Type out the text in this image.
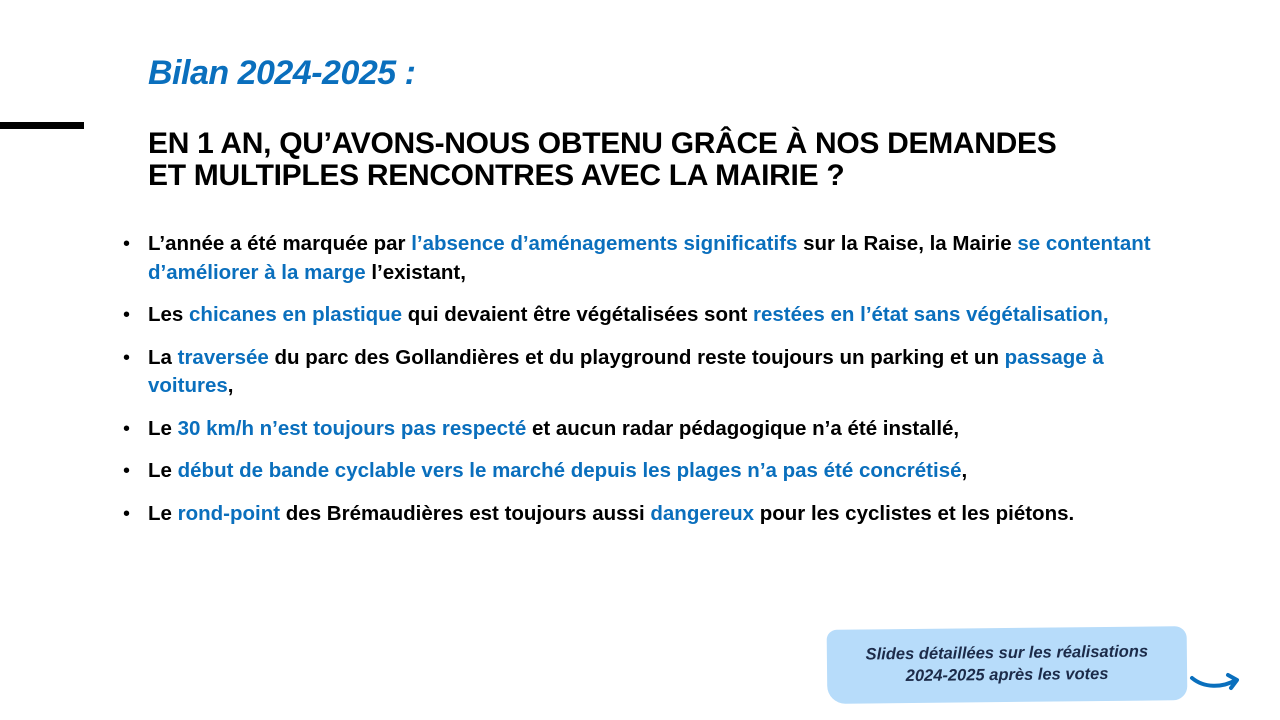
Bilan 2024-2025 :
EN 1 AN, QU’AVONS-NOUS OBTENU GRÂCE À NOS DEMANDES
ET MULTIPLES RENCONTRES AVEC LA MAIRIE ?
• L’année a été marquée par l’absence d’aménagements significatifs sur la Raise, la Mairie se contentant d’améliorer à la marge l’existant,
• Les chicanes en plastique qui devaient être végétalisées sont restées en l’état sans végétalisation,
• La traversée du parc des Gollandières et du playground reste toujours un parking et un passage à voitures,
• Le 30 km/h n’est toujours pas respecté et aucun radar pédagogique n’a été installé,
• Le début de bande cyclable vers le marché depuis les plages n’a pas été concrétisé,
• Le rond-point des Brémaudières est toujours aussi dangereux pour les cyclistes et les piétons.
Slides détaillées sur les réalisations
2024-2025 après les votes
